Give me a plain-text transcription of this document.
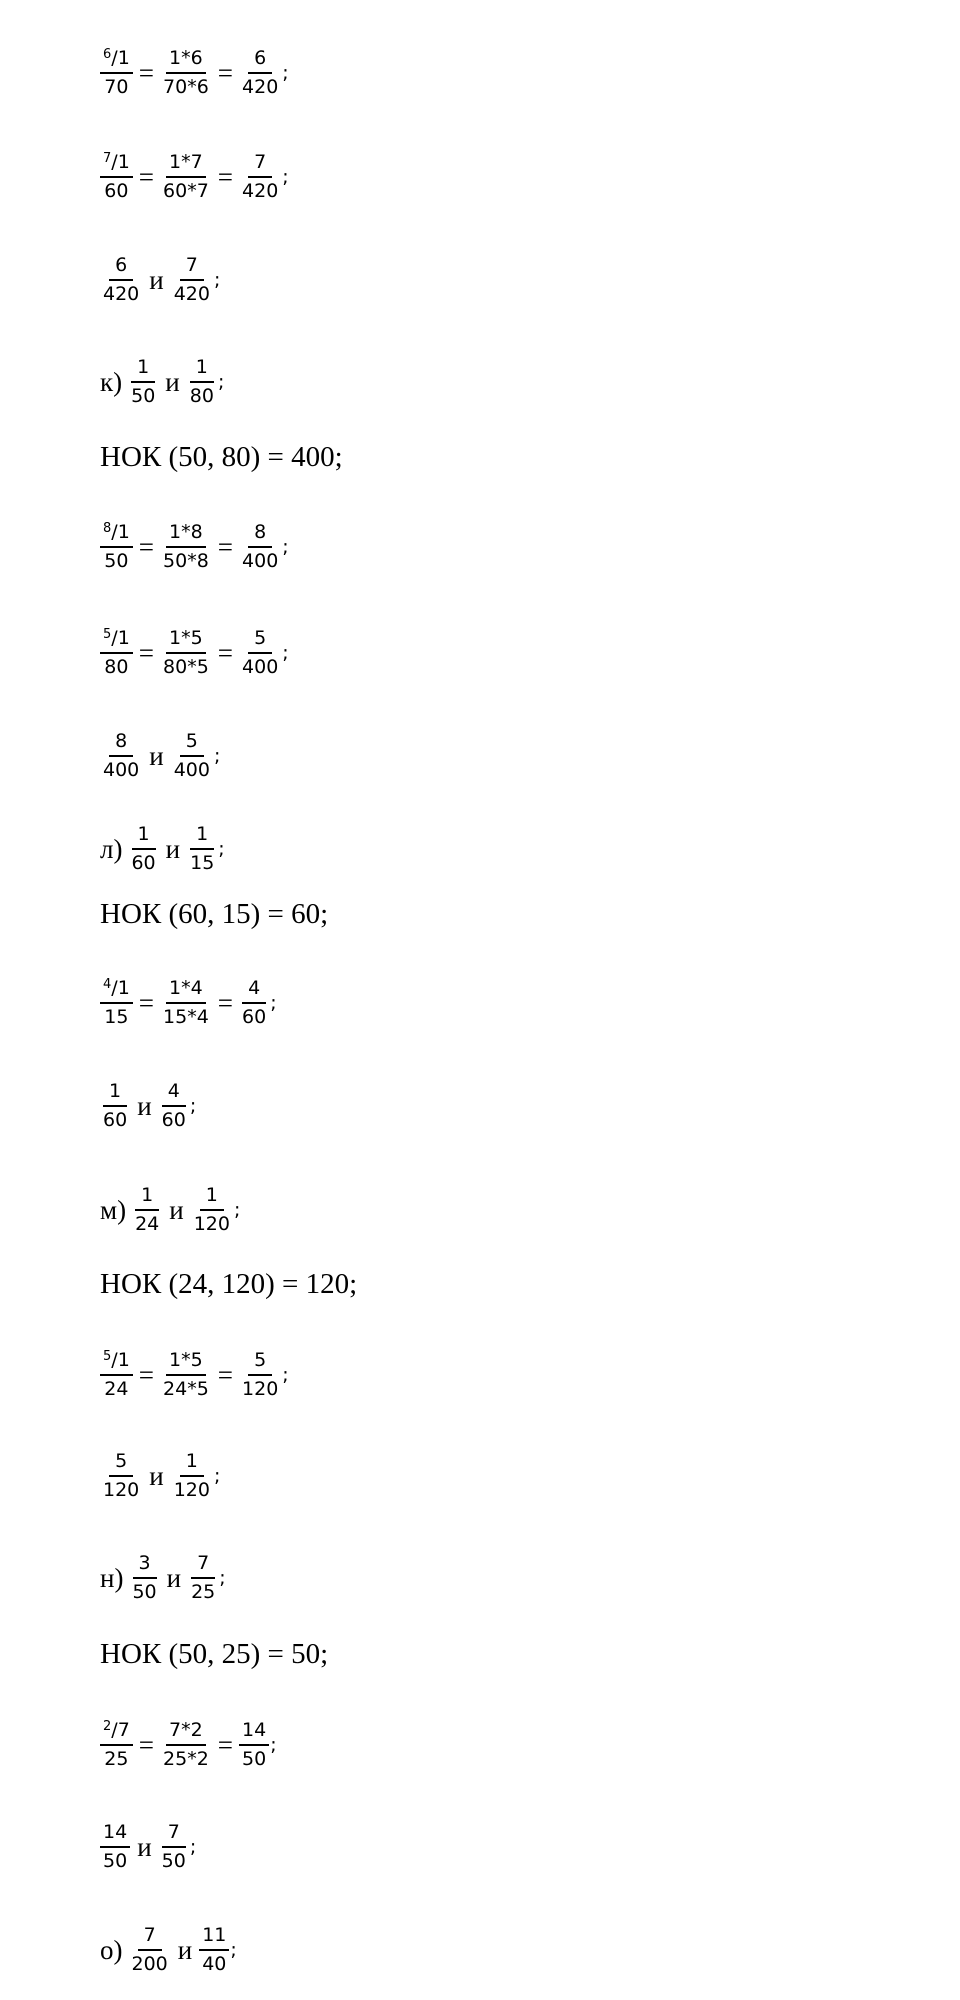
$\frac{^6/1}{70} = \frac{1*6}{70*6} = \frac{6}{420}$ ;
$\frac{^7/1}{60} = \frac{1*7}{60*7} = \frac{7}{420}$ ;
$\frac{6}{420}$ и $\frac{7}{420}$ ;
$к) \frac{1}{50}$ и $\frac{1}{80}$ ;
НОК (50, 80) = 400;
$\frac{^8/1}{50} = \frac{1*8}{50*8} = \frac{8}{400}$ ;
$\frac{^5/1}{80} = \frac{1*5}{80*5} = \frac{5}{400}$ ;
$\frac{8}{400}$ и $\frac{5}{400}$ ;
$л) \frac{1}{60}$ и $\frac{1}{15}$ ;
НОК (60, 15) = 60;
$\frac{^4/1}{15} = \frac{1*4}{15*4} = \frac{4}{60}$ ;
$\frac{1}{60}$ и $\frac{4}{60}$ ;
$м) \frac{1}{24}$ и $\frac{1}{120}$ ;
НОК (24, 120) = 120;
$\frac{^5/1}{24} = \frac{1*5}{24*5} = \frac{5}{120}$ ;
$\frac{5}{120}$ и $\frac{1}{120}$ ;
$н) \frac{3}{50}$ и $\frac{7}{25}$ ;
НОК (50, 25) = 50;
$\frac{^2/7}{25} = \frac{7*2}{25*2} = \frac{14}{50}$ ;
$\frac{14}{50}$ и $\frac{7}{50}$ ;
$о) \frac{7}{200}$ и $\frac{11}{40}$ ;
